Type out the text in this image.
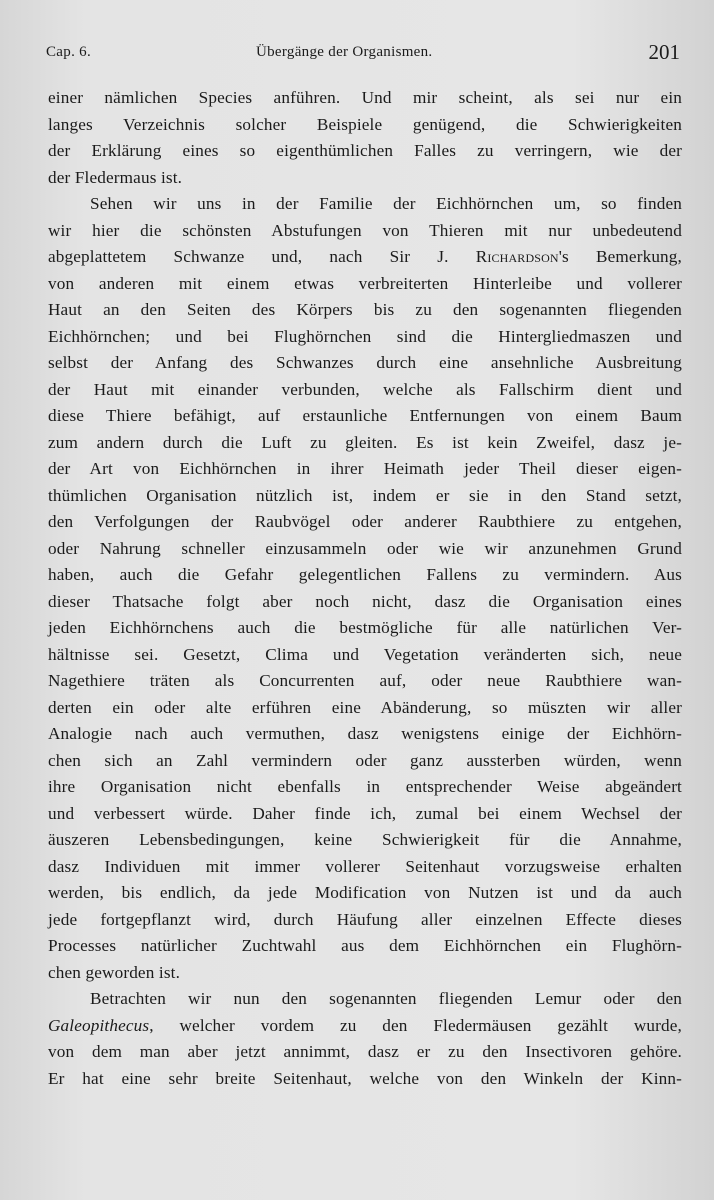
Cap. 6.	Übergänge der Organismen.	201
einer nämlichen Species anführen. Und mir scheint, als sei nur ein
langes Verzeichnis solcher Beispiele genügend, die Schwierigkeiten
der Erklärung eines so eigenthümlichen Falles zu verringern, wie der
der Fledermaus ist.
Sehen wir uns in der Familie der Eichhörnchen um, so finden
wir hier die schönsten Abstufungen von Thieren mit nur unbedeutend
abgeplattetem Schwanze und, nach Sir J. Richardson's Bemerkung,
von anderen mit einem etwas verbreiterten Hinterleibe und vollerer
Haut an den Seiten des Körpers bis zu den sogenannten fliegenden
Eichhörnchen; und bei Flughörnchen sind die Hintergliedmaszen und
selbst der Anfang des Schwanzes durch eine ansehnliche Ausbreitung
der Haut mit einander verbunden, welche als Fallschirm dient und
diese Thiere befähigt, auf erstaunliche Entfernungen von einem Baum
zum andern durch die Luft zu gleiten. Es ist kein Zweifel, dasz je-
der Art von Eichhörnchen in ihrer Heimath jeder Theil dieser eigen-
thümlichen Organisation nützlich ist, indem er sie in den Stand setzt,
den Verfolgungen der Raubvögel oder anderer Raubthiere zu entgehen,
oder Nahrung schneller einzusammeln oder wie wir anzunehmen Grund
haben, auch die Gefahr gelegentlichen Fallens zu vermindern. Aus
dieser Thatsache folgt aber noch nicht, dasz die Organisation eines
jeden Eichhörnchens auch die bestmögliche für alle natürlichen Ver-
hältnisse sei. Gesetzt, Clima und Vegetation veränderten sich, neue
Nagethiere träten als Concurrenten auf, oder neue Raubthiere wan-
derten ein oder alte erführen eine Abänderung, so müszten wir aller
Analogie nach auch vermuthen, dasz wenigstens einige der Eichhörn-
chen sich an Zahl vermindern oder ganz aussterben würden, wenn
ihre Organisation nicht ebenfalls in entsprechender Weise abgeändert
und verbessert würde. Daher finde ich, zumal bei einem Wechsel der
äuszeren Lebensbedingungen, keine Schwierigkeit für die Annahme,
dasz Individuen mit immer vollerer Seitenhaut vorzugsweise erhalten
werden, bis endlich, da jede Modification von Nutzen ist und da auch
jede fortgepflanzt wird, durch Häufung aller einzelnen Effecte dieses
Processes natürlicher Zuchtwahl aus dem Eichhörnchen ein Flughörn-
chen geworden ist.
Betrachten wir nun den sogenannten fliegenden Lemur oder den
Galeopithecus, welcher vordem zu den Fledermäusen gezählt wurde,
von dem man aber jetzt annimmt, dasz er zu den Insectivoren gehöre.
Er hat eine sehr breite Seitenhaut, welche von den Winkeln der Kinn-
